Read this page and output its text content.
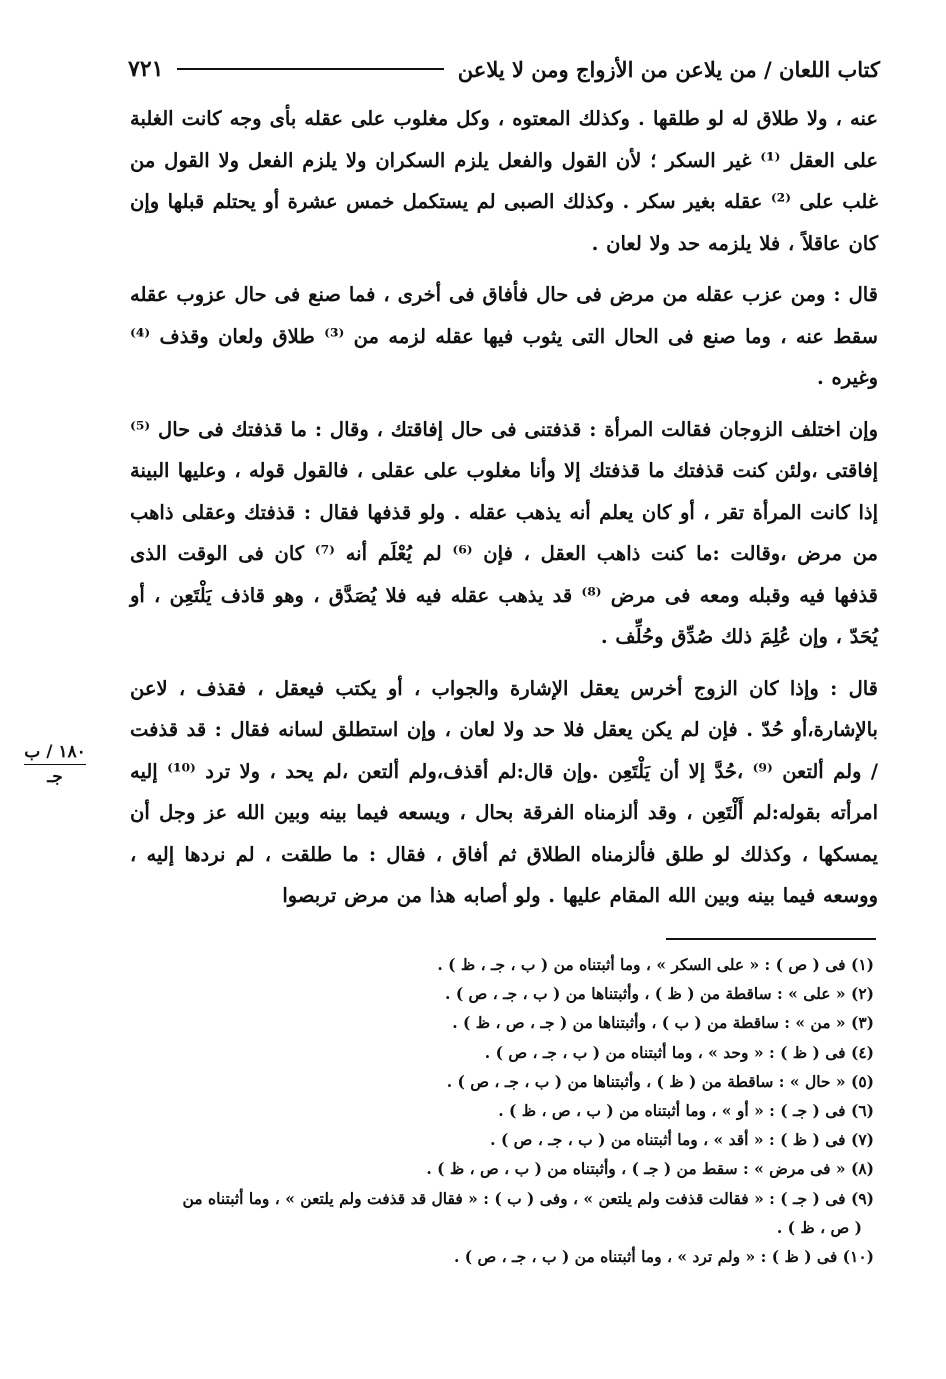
كتاب اللعان / من يلاعن من الأزواج ومن لا يلاعن
٧٢١

عنه ، ولا طلاق له لو طلقها . وكذلك المعتوه ، وكل مغلوب على عقله بأى وجه كانت الغلبة على العقل ⁽¹⁾ غير السكر ؛ لأن القول والفعل يلزم السكران ولا يلزم الفعل ولا القول من غلب على ⁽²⁾ عقله بغير سكر . وكذلك الصبى لم يستكمل خمس عشرة أو يحتلم قبلها وإن كان عاقلاً ، فلا يلزمه حد ولا لعان .

قال : ومن عزب عقله من مرض فى حال فأفاق فى أخرى ، فما صنع فى حال عزوب عقله سقط عنه ، وما صنع فى الحال التى يثوب فيها عقله لزمه من ⁽³⁾ طلاق ولعان وقذف ⁽⁴⁾ وغيره .

وإن اختلف الزوجان فقالت المرأة : قذفتنى فى حال إفاقتك ، وقال : ما قذفتك فى حال ⁽⁵⁾ إفاقتى ،ولئن كنت قذفتك ما قذفتك إلا وأنا مغلوب على عقلى ، فالقول قوله ، وعليها البينة إذا كانت المرأة تقر ، أو كان يعلم أنه يذهب عقله . ولو قذفها فقال : قذفتك وعقلى ذاهب من مرض ،وقالت :ما كنت ذاهب العقل ، فإن ⁽⁶⁾ لم يُعْلَم أنه ⁽⁷⁾ كان فى الوقت الذى قذفها فيه وقبله ومعه فى مرض ⁽⁸⁾ قد يذهب عقله فيه فلا يُصَدَّق ، وهو قاذف يَلْتَعِن ، أو يُحَدّ ، وإن عُلِمَ ذلك صُدِّق وحُلِّف .

قال : وإذا كان الزوج أخرس يعقل الإشارة والجواب ، أو يكتب فيعقل ، فقذف ، لاعن بالإشارة،أو حُدّ . فإن لم يكن يعقل فلا حد ولا لعان ، وإن استطلق لسانه فقال : قد قذفت / ولم ألتعن ⁽⁹⁾ ،حُدَّ إلا أن يَلْتَعِن .وإن قال:لم أقذف،ولم ألتعن ،لم يحد ، ولا ترد ⁽¹⁰⁾ إليه امرأته بقوله:لم أَلْتَعِن ، وقد ألزمناه الفرقة بحال ، ويسعه فيما بينه وبين الله عز وجل أن يمسكها ، وكذلك لو طلق فألزمناه الطلاق ثم أفاق ، فقال : ما طلقت ، لم نردها إليه ، ووسعه فيما بينه وبين الله المقام عليها . ولو أصابه هذا من مرض تربصوا

١٨٠ / ب
جـ
(١) فى ( ص ) : « على السكر » ، وما أثبتناه من ( ب ، جـ ، ظ ) .
(٢) « على » : ساقطة من ( ظ ) ، وأثبتناها من ( ب ، جـ ، ص ) .
(٣) « من » : ساقطة من ( ب ) ، وأثبتناها من ( جـ ، ص ، ظ ) .
(٤) فى ( ظ ) : « وحد » ، وما أثبتناه من ( ب ، جـ ، ص ) .
(٥) « حال » : ساقطة من ( ظ ) ، وأثبتناها من ( ب ، جـ ، ص ) .
(٦) فى ( جـ ) : « أو » ، وما أثبتناه من ( ب ، ص ، ظ ) .
(٧) فى ( ظ ) : « أقد » ، وما أثبتناه من ( ب ، جـ ، ص ) .
(٨) « فى مرض » : سقط من ( جـ ) ، وأثبتناه من ( ب ، ص ، ظ ) .
(٩) فى ( جـ ) : « فقالت قذفت ولم يلتعن » ، وفى ( ب ) : « فقال قد قذفت ولم يلتعن » ، وما أثبتناه من
( ص ، ظ ) .
(١٠) فى ( ظ ) : « ولم ترد » ، وما أثبتناه من ( ب ، جـ ، ص ) .
